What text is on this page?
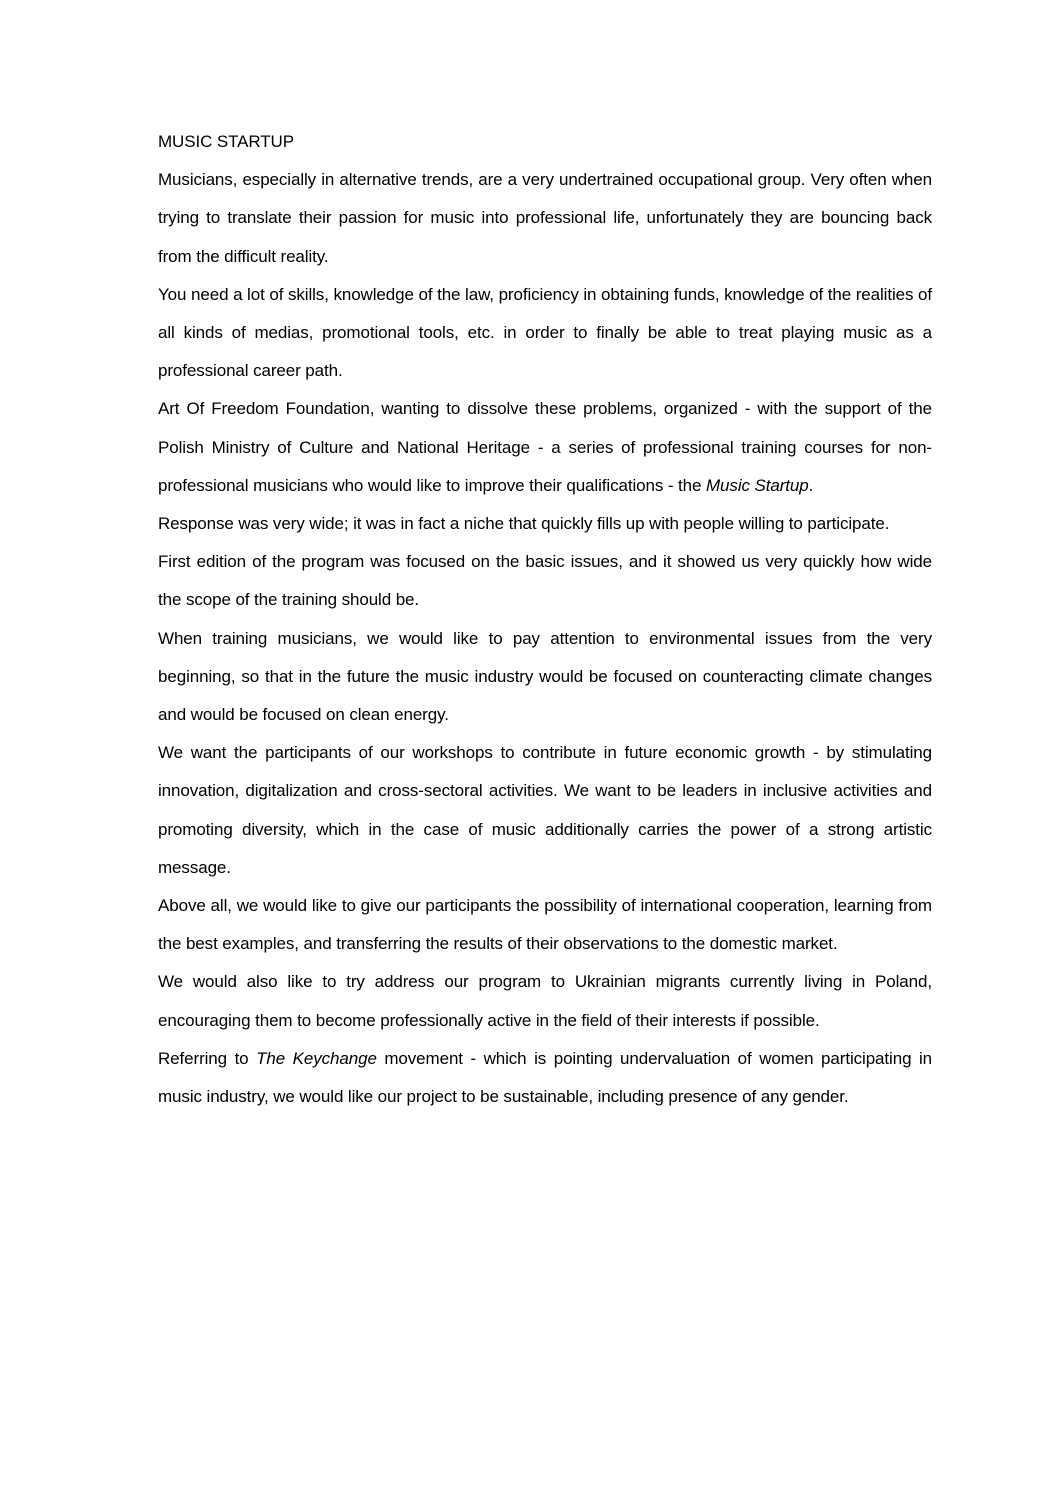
MUSIC STARTUP

Musicians, especially in alternative trends, are a very undertrained occupational group. Very often when trying to translate their passion for music into professional life, unfortunately they are bouncing back from the difficult reality.

You need a lot of skills, knowledge of the law, proficiency in obtaining funds, knowledge of the realities of all kinds of medias, promotional tools, etc. in order to finally be able to treat playing music as a professional career path.

Art Of Freedom Foundation, wanting to dissolve these problems, organized - with the support of the Polish Ministry of Culture and National Heritage - a series of professional training courses for non-professional musicians who would like to improve their qualifications - the Music Startup.

Response was very wide; it was in fact a niche that quickly fills up with people willing to participate.

First edition of the program was focused on the basic issues, and it showed us very quickly how wide the scope of the training should be.

When training musicians, we would like to pay attention to environmental issues from the very beginning, so that in the future the music industry would be focused on counteracting climate changes and would be focused on clean energy.

We want the participants of our workshops to contribute in future economic growth - by stimulating innovation, digitalization and cross-sectoral activities. We want to be leaders in inclusive activities and promoting diversity, which in the case of music additionally carries the power of a strong artistic message.

Above all, we would like to give our participants the possibility of international cooperation, learning from the best examples, and transferring the results of their observations to the domestic market.

We would also like to try address our program to Ukrainian migrants currently living in Poland, encouraging them to become professionally active in the field of their interests if possible.

Referring to The Keychange movement - which is pointing undervaluation of women participating in music industry, we would like our project to be sustainable, including presence of any gender.
